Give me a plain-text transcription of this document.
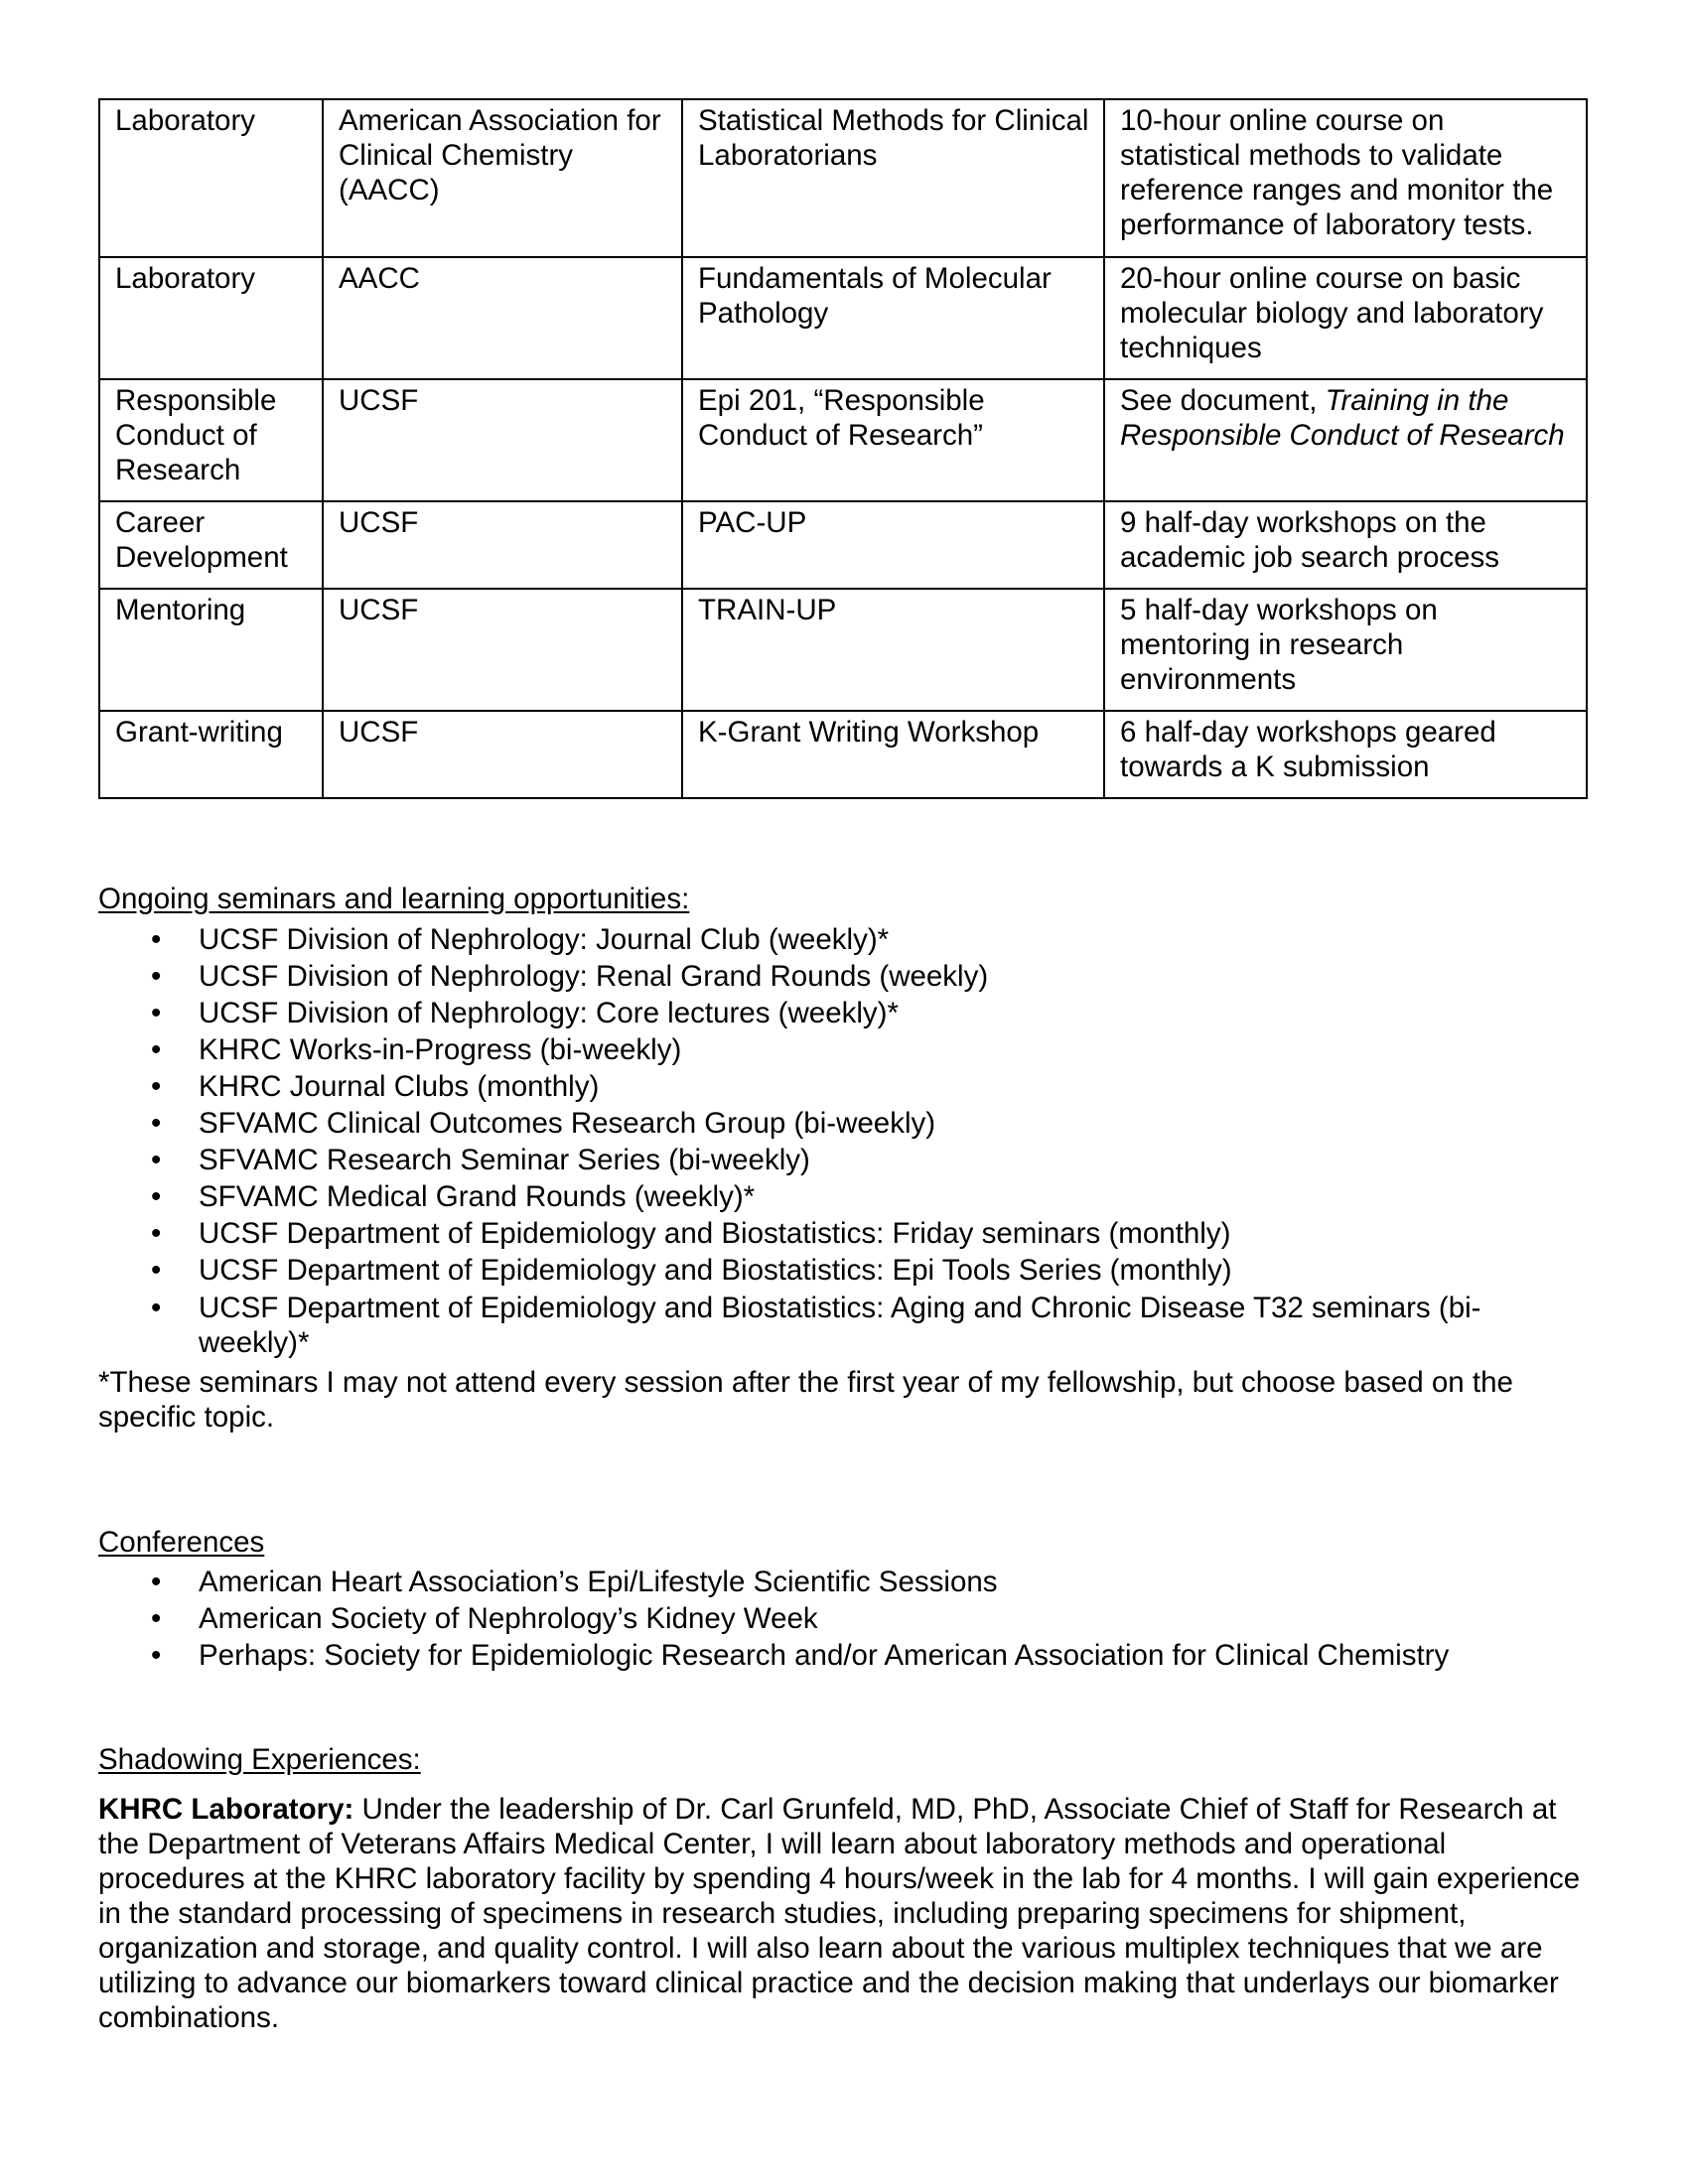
Laboratory	American Association for Clinical Chemistry (AACC)	Statistical Methods for Clinical Laboratorians	10-hour online course on statistical methods to validate reference ranges and monitor the performance of laboratory tests.
Laboratory	AACC	Fundamentals of Molecular Pathology	20-hour online course on basic molecular biology and laboratory techniques
Responsible Conduct of Research	UCSF	Epi 201, “Responsible Conduct of Research”	See document, Training in the Responsible Conduct of Research
Career Development	UCSF	PAC-UP	9 half-day workshops on the academic job search process
Mentoring	UCSF	TRAIN-UP	5 half-day workshops on mentoring in research environments
Grant-writing	UCSF	K-Grant Writing Workshop	6 half-day workshops geared towards a K submission

Ongoing seminars and learning opportunities:

• UCSF Division of Nephrology: Journal Club (weekly)*
• UCSF Division of Nephrology: Renal Grand Rounds (weekly)
• UCSF Division of Nephrology: Core lectures (weekly)*
• KHRC Works-in-Progress (bi-weekly)
• KHRC Journal Clubs (monthly)
• SFVAMC Clinical Outcomes Research Group (bi-weekly)
• SFVAMC Research Seminar Series (bi-weekly)
• SFVAMC Medical Grand Rounds (weekly)*
• UCSF Department of Epidemiology and Biostatistics: Friday seminars (monthly)
• UCSF Department of Epidemiology and Biostatistics: Epi Tools Series (monthly)
• UCSF Department of Epidemiology and Biostatistics: Aging and Chronic Disease T32 seminars (bi-weekly)*

*These seminars I may not attend every session after the first year of my fellowship, but choose based on the specific topic.

Conferences

• American Heart Association’s Epi/Lifestyle Scientific Sessions
• American Society of Nephrology’s Kidney Week
• Perhaps: Society for Epidemiologic Research and/or American Association for Clinical Chemistry

Shadowing Experiences:

KHRC Laboratory: Under the leadership of Dr. Carl Grunfeld, MD, PhD, Associate Chief of Staff for Research at the Department of Veterans Affairs Medical Center, I will learn about laboratory methods and operational procedures at the KHRC laboratory facility by spending 4 hours/week in the lab for 4 months. I will gain experience in the standard processing of specimens in research studies, including preparing specimens for shipment, organization and storage, and quality control. I will also learn about the various multiplex techniques that we are utilizing to advance our biomarkers toward clinical practice and the decision making that underlays our biomarker combinations.
